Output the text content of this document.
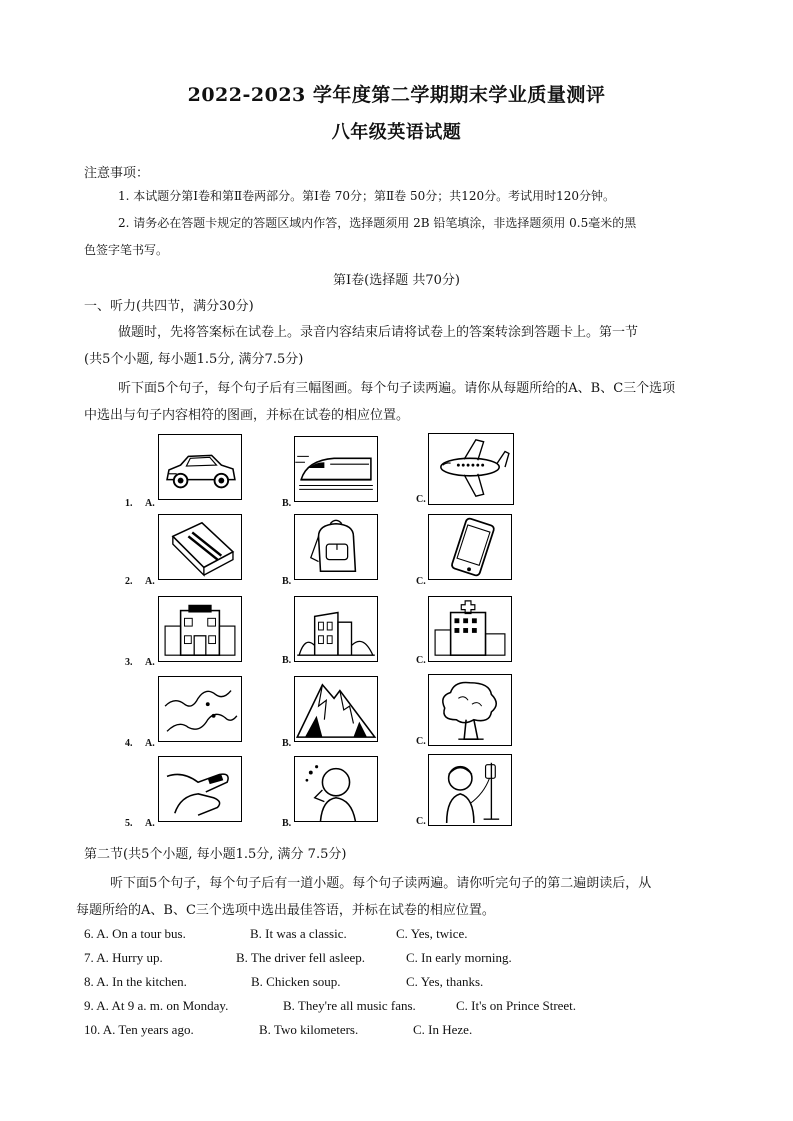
2022-2023 学年度第二学期期末学业质量测评
八年级英语试题
注意事项：
1. 本试题分第Ⅰ卷和第Ⅱ卷两部分。第Ⅰ卷 70分；第Ⅱ卷 50分；共120分。考试用时120分钟。
2. 请务必在答题卡规定的答题区域内作答，选择题须用 2B 铅笔填涂，非选择题须用 0.5毫米的黑
色签字笔书写。
第Ⅰ卷(选择题 共70分)
一、听力(共四节，满分30分)
做题时，先将答案标在试卷上。录音内容结束后请将试卷上的答案转涂到答题卡上。第一节
(共5个小题, 每小题1.5分, 满分7.5分)
听下面5个句子，每个句子后有三幅图画。每个句子读两遍。请你从每题所给的A、B、C三个选项
中选出与句子内容相符的图画，并标在试卷的相应位置。
1. A.	B.	C.
2. A.	B.	C.
3. A.	B.	C.
4. A.	B.	C.
5. A.	B.	C.
第二节(共5个小题, 每小题1.5分, 满分 7.5分)
听下面5个句子，每个句子后有一道小题。每个句子读两遍。请你听完句子的第二遍朗读后，从
每题所给的A、B、C三个选项中选出最佳答语，并标在试卷的相应位置。
6. A. On a tour bus.	B. It was a classic.	C. Yes, twice.
7. A. Hurry up.	B. The driver fell asleep.	C. In early morning.
8. A. In the kitchen.	B. Chicken soup.	C. Yes, thanks.
9. A. At 9 a. m. on Monday.	B. They're all music fans.	C. It's on Prince Street.
10. A. Ten years ago.	B. Two kilometers.	C. In Heze.
